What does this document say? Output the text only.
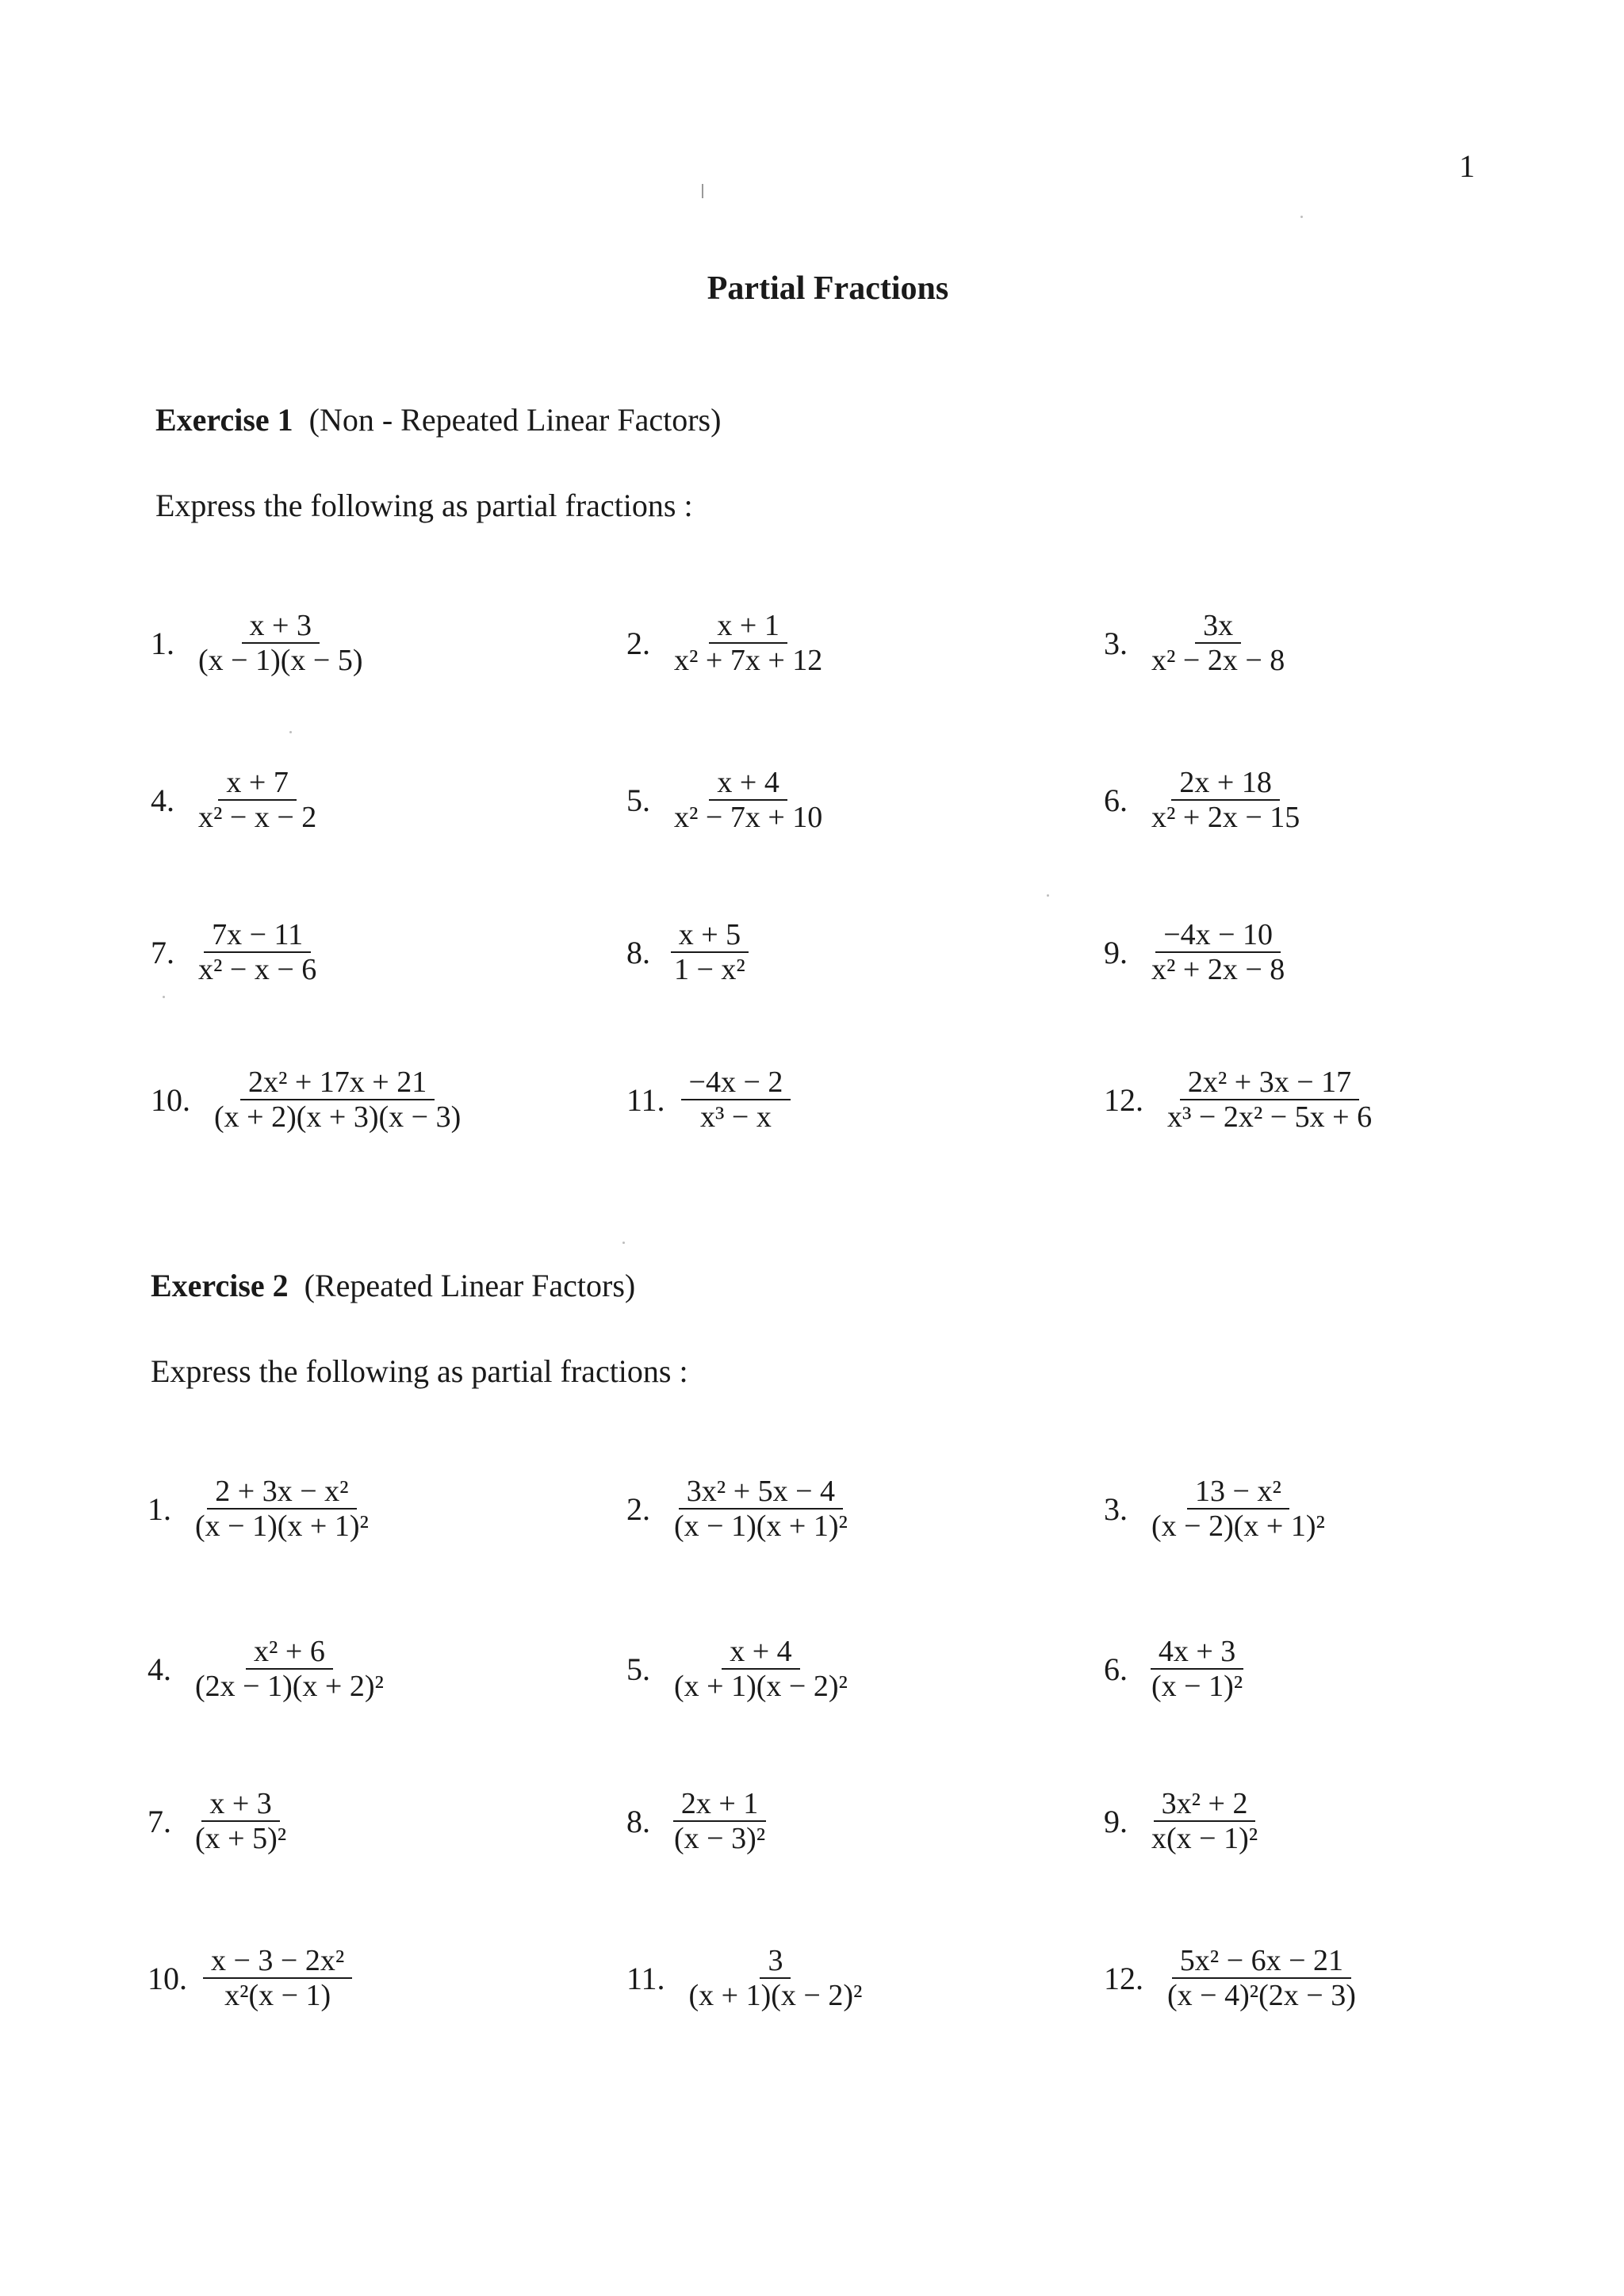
1
Partial Fractions
Exercise 1 (Non - Repeated Linear Factors)
Express the following as partial fractions :
1. $\frac{x + 3}{(x - 1)(x - 5)}$	2. $\frac{x + 1}{\text{x² + 7x + 12}}$	3. $\frac{3x}{\text{x² − 2x − 8}}$
4. $\frac{x + 7}{\text{x² − x − 2}}$	5. $\frac{x + 4}{\text{x² − 7x + 10}}$	6. $\frac{2x + 18}{\text{x² + 2x − 15}}$
7. $\frac{7x - 11}{\text{x² − x − 6}}$	8. $\frac{x + 5}{\text{1 − x²}}$	9. $\frac{-4x - 10}{\text{x² + 2x − 8}}$
10. $\frac{\text{2x² + 17x + 21}}{(x + 2)(x + 3)(x - 3)}$	11. $\frac{-4x - 2}{\text{x³ − x}}$	12. $\frac{\text{2x² + 3x − 17}}{\text{x³ − 2x² − 5x + 6}}$
Exercise 2 (Repeated Linear Factors)
Express the following as partial fractions :
1. $\frac{\text{2 + 3x − x²}}{\text{(x − 1)(x + 1)²}}$	2. $\frac{\text{3x² + 5x − 4}}{\text{(x − 1)(x + 1)²}}$	3. $\frac{\text{13 − x²}}{\text{(x − 2)(x + 1)²}}$
4. $\frac{\text{x² + 6}}{\text{(2x − 1)(x + 2)²}}$	5. $\frac{x + 4}{\text{(x + 1)(x − 2)²}}$	6. $\frac{4x + 3}{\text{(x − 1)²}}$
7. $\frac{x + 3}{\text{(x + 5)²}}$	8. $\frac{2x + 1}{\text{(x − 3)²}}$	9. $\frac{\text{3x² + 2}}{\text{x(x − 1)²}}$
10. $\frac{\text{x − 3 − 2x²}}{\text{x²(x − 1)}}$	11. $\frac{3}{\text{(x + 1)(x − 2)²}}$	12. $\frac{\text{5x² − 6x − 21}}{\text{(x − 4)²(2x − 3)}}$
